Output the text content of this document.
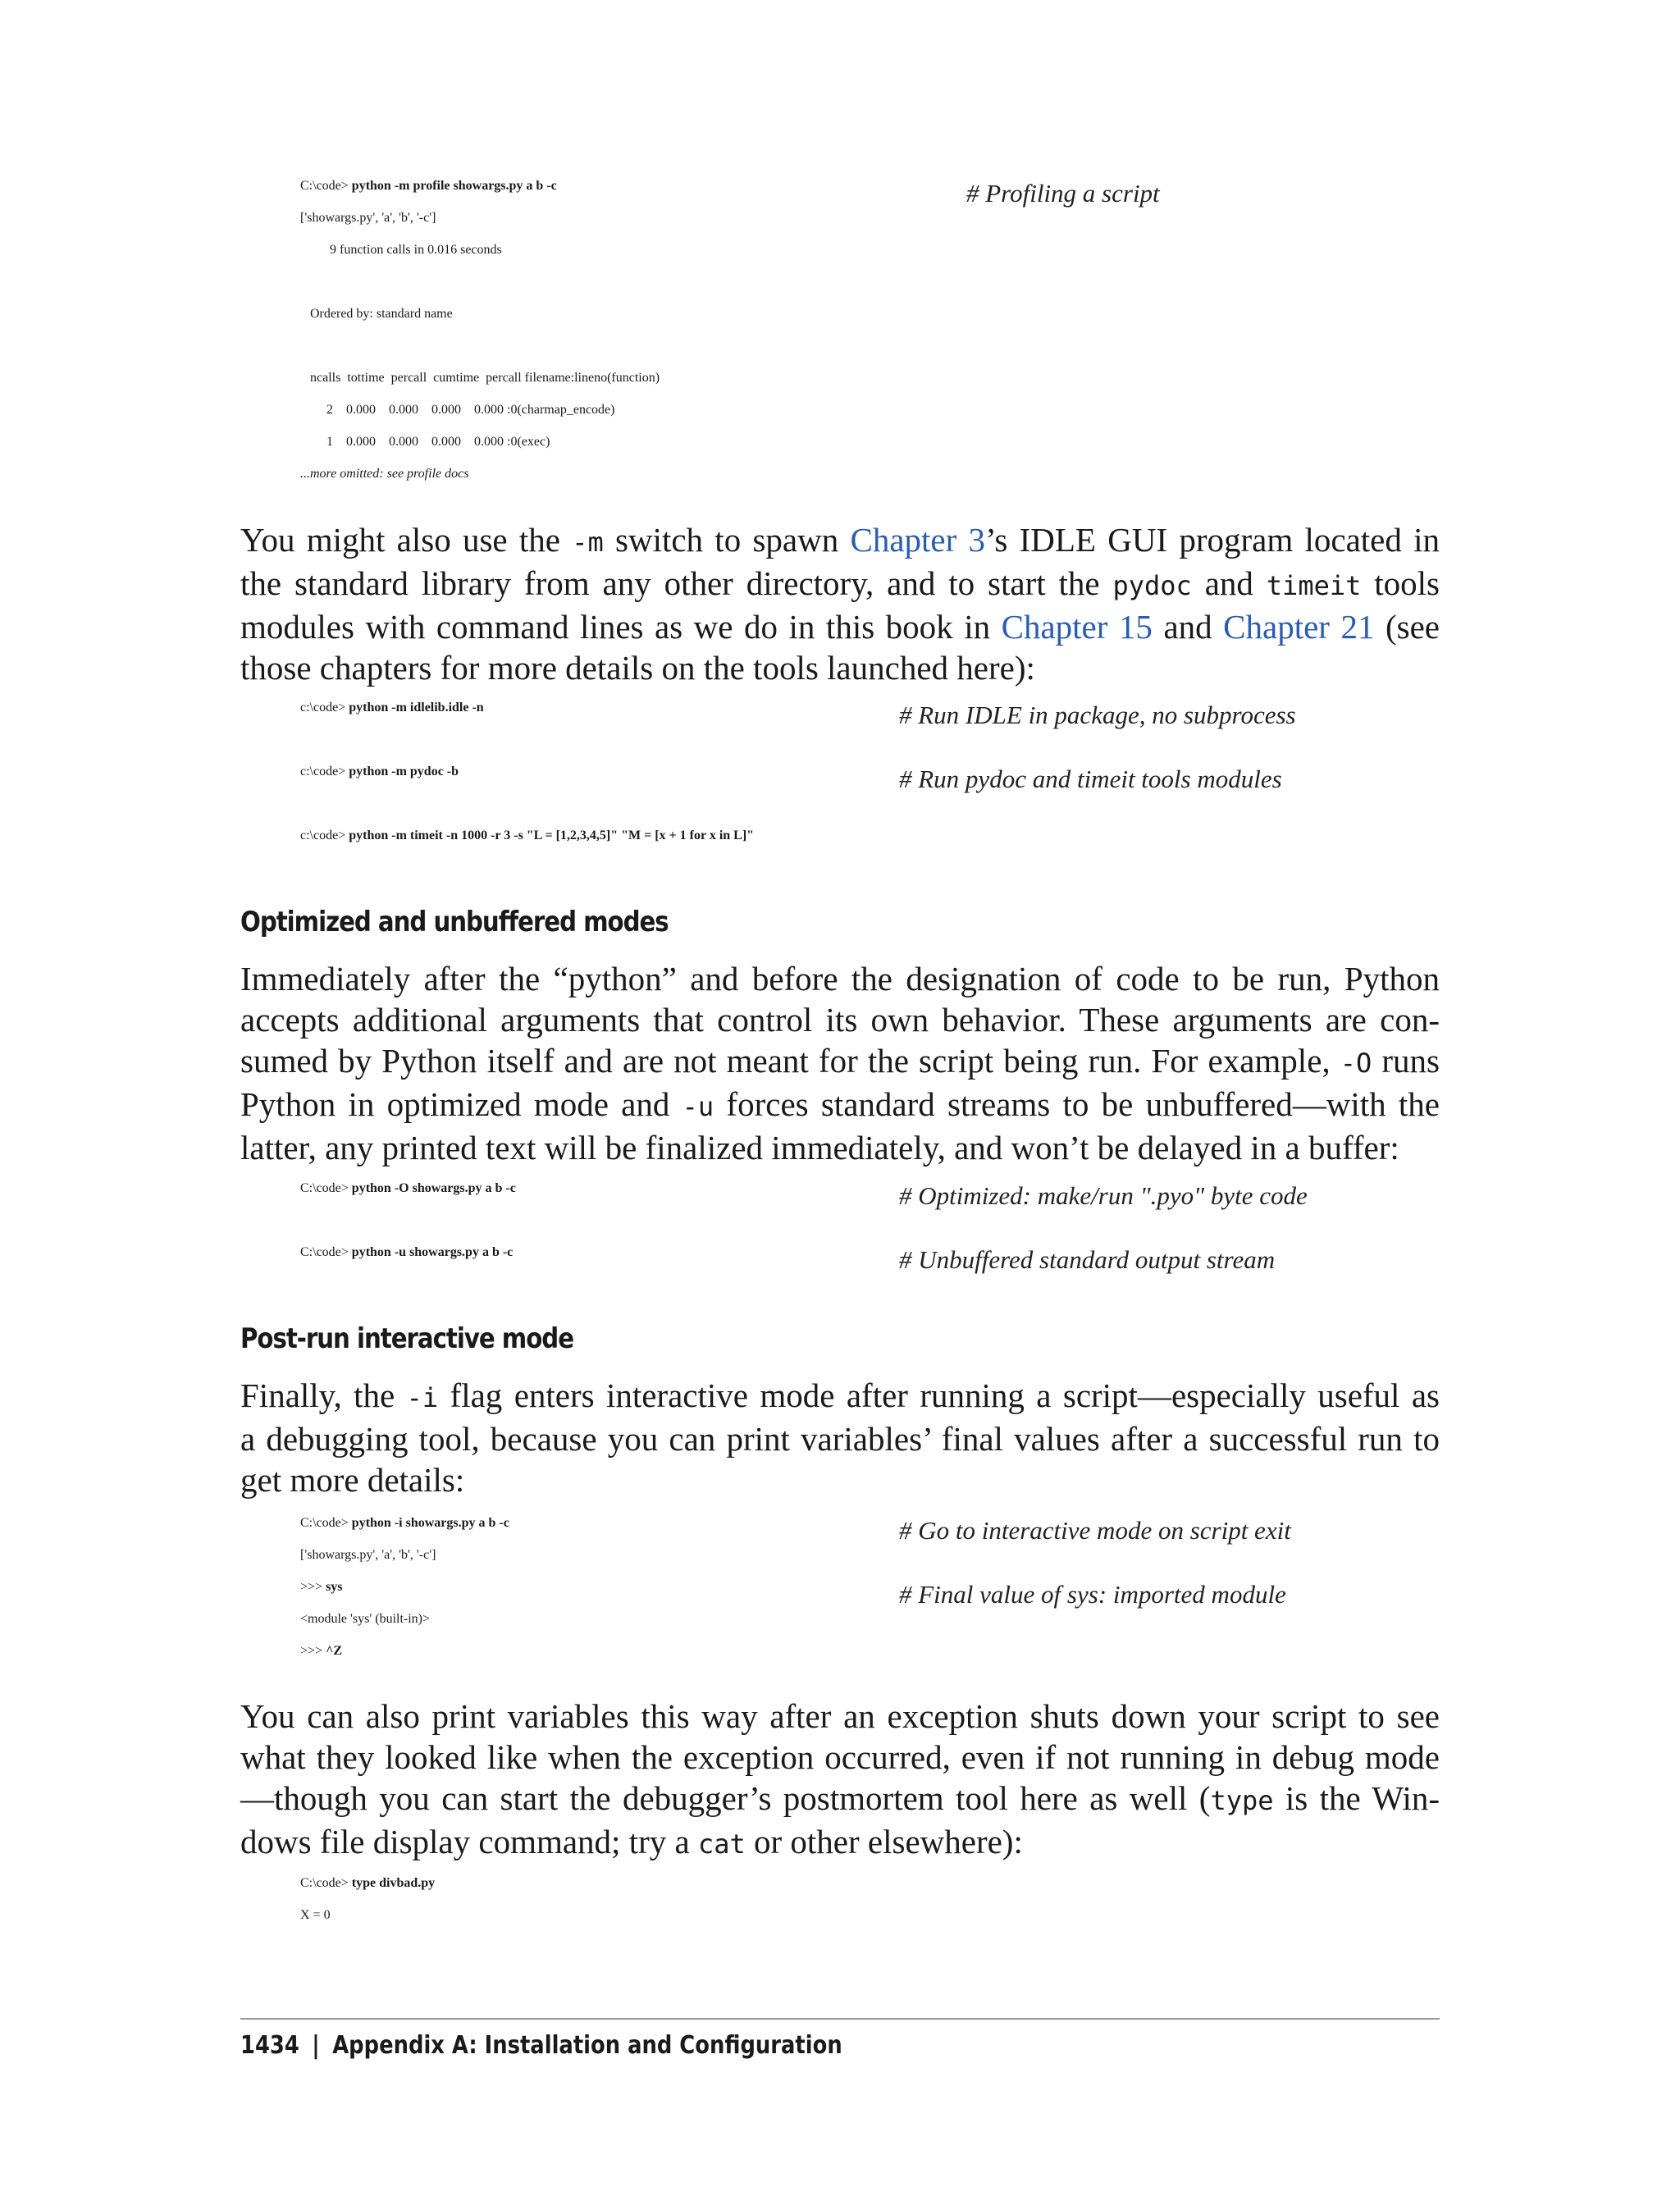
C:\code> python -m profile showargs.py a b -c	# Profiling a script
['showargs.py', 'a', 'b', '-c']
9 function calls in 0.016 seconds
Ordered by: standard name
ncalls  tottime  percall  cumtime  percall filename:lineno(function)
2    0.000    0.000    0.000    0.000 :0(charmap_encode)
1    0.000    0.000    0.000    0.000 :0(exec)
...more omitted: see profile docs
You might also use the -m switch to spawn Chapter 3’s IDLE GUI program located in
the standard library from any other directory, and to start the pydoc and timeit tools
modules with command lines as we do in this book in Chapter 15 and Chapter 21 (see
those chapters for more details on the tools launched here):
c:\code> python -m idlelib.idle -n	# Run IDLE in package, no subprocess
c:\code> python -m pydoc -b	# Run pydoc and timeit tools modules
c:\code> python -m timeit -n 1000 -r 3 -s "L = [1,2,3,4,5]" "M = [x + 1 for x in L]"
Optimized and unbuffered modes
Immediately after the “python” and before the designation of code to be run, Python
accepts additional arguments that control its own behavior. These arguments are con-
sumed by Python itself and are not meant for the script being run. For example, -O runs
Python in optimized mode and -u forces standard streams to be unbuffered—with the
latter, any printed text will be finalized immediately, and won’t be delayed in a buffer:
C:\code> python -O showargs.py a b -c	# Optimized: make/run ".pyo" byte code
C:\code> python -u showargs.py a b -c	# Unbuffered standard output stream
Post-run interactive mode
Finally, the -i flag enters interactive mode after running a script—especially useful as
a debugging tool, because you can print variables’ final values after a successful run to
get more details:
C:\code> python -i showargs.py a b -c	# Go to interactive mode on script exit
['showargs.py', 'a', 'b', '-c']
>>> sys	# Final value of sys: imported module
<module 'sys' (built-in)>
>>> ^Z
You can also print variables this way after an exception shuts down your script to see
what they looked like when the exception occurred, even if not running in debug mode
—though you can start the debugger’s postmortem tool here as well (type is the Win-
dows file display command; try a cat or other elsewhere):
C:\code> type divbad.py
X = 0
1434 | Appendix A: Installation and Configuration
